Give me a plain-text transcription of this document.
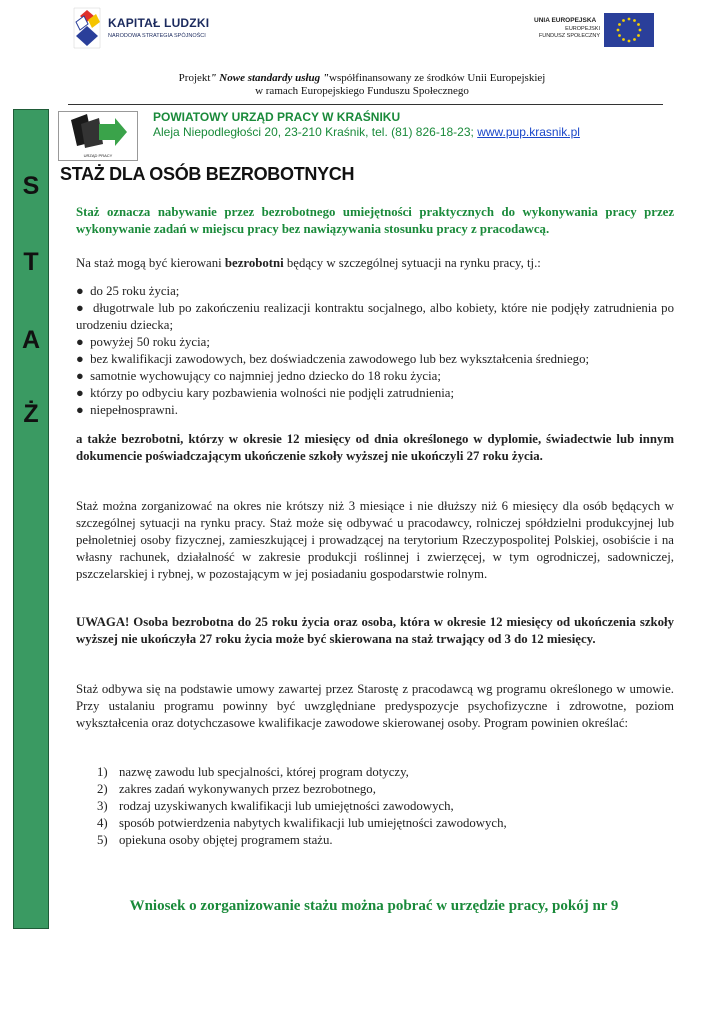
KAPITAŁ LUDZKI
NARODOWA STRATEGIA SPÓJNOŚCI
UNIA EUROPEJSKA
EUROPEJSKI
FUNDUSZ SPOŁECZNY
Projekt" Nowe standardy usług "współfinansowany ze środków Unii Europejskiej
w ramach Europejskiego Funduszu Społecznego
S
T
A
Ż
URZĄD PRACY
POWIATOWY URZĄD PRACY W KRAŚNIKU
Aleja Niepodległości 20, 23-210 Kraśnik, tel. (81) 826-18-23; www.pup.krasnik.pl
STAŻ DLA OSÓB BEZROBOTNYCH
Staż oznacza nabywanie przez bezrobotnego umiejętności praktycznych do wykonywania pracy przez wykonywanie zadań w miejscu pracy bez nawiązywania stosunku pracy z pracodawcą.
Na staż mogą być kierowani bezrobotni będący w szczególnej sytuacji na rynku pracy, tj.:
●  do 25 roku życia;
●  długotrwale lub po zakończeniu realizacji kontraktu socjalnego, albo kobiety, które nie podjęły zatrudnienia po urodzeniu dziecka;
●  powyżej 50 roku życia;
●  bez kwalifikacji zawodowych, bez doświadczenia zawodowego lub bez wykształcenia średniego;
●  samotnie wychowujący co najmniej jedno dziecko do 18 roku życia;
●  którzy po odbyciu kary pozbawienia wolności nie podjęli zatrudnienia;
●  niepełnosprawni.
a także bezrobotni, którzy w okresie 12 miesięcy od dnia określonego w dyplomie, świadectwie lub innym dokumencie poświadczającym ukończenie szkoły wyższej nie ukończyli 27 roku życia.
Staż można zorganizować na okres nie krótszy niż 3 miesiące i nie dłuższy niż 6 miesięcy dla osób będących w szczególnej sytuacji na rynku pracy. Staż może się odbywać u pracodawcy, rolniczej spółdzielni produkcyjnej lub pełnoletniej osoby fizycznej, zamieszkującej i prowadzącej na terytorium Rzeczypospolitej Polskiej, osobiście i na własny rachunek, działalność w zakresie produkcji roślinnej i zwierzęcej, w tym ogrodniczej, sadowniczej, pszczelarskiej i rybnej, w pozostającym w jej posiadaniu gospodarstwie rolnym.
UWAGA! Osoba bezrobotna do 25 roku życia oraz osoba, która w okresie 12 miesięcy od ukończenia szkoły wyższej nie ukończyła 27 roku życia może być skierowana na staż trwający od 3 do 12 miesięcy.
Staż odbywa się na podstawie umowy zawartej przez Starostę z pracodawcą wg programu określonego w umowie. Przy ustalaniu programu powinny być uwzględniane predyspozycje psychofizyczne i zdrowotne, poziom wykształcenia oraz dotychczasowe kwalifikacje zawodowe skierowanej osoby. Program powinien określać:
1) nazwę zawodu lub specjalności, której program dotyczy,
2) zakres zadań wykonywanych przez bezrobotnego,
3) rodzaj uzyskiwanych kwalifikacji lub umiejętności zawodowych,
4) sposób potwierdzenia nabytych kwalifikacji lub umiejętności zawodowych,
5) opiekuna osoby objętej programem stażu.
Wniosek o zorganizowanie stażu można pobrać w urzędzie pracy, pokój nr 9
